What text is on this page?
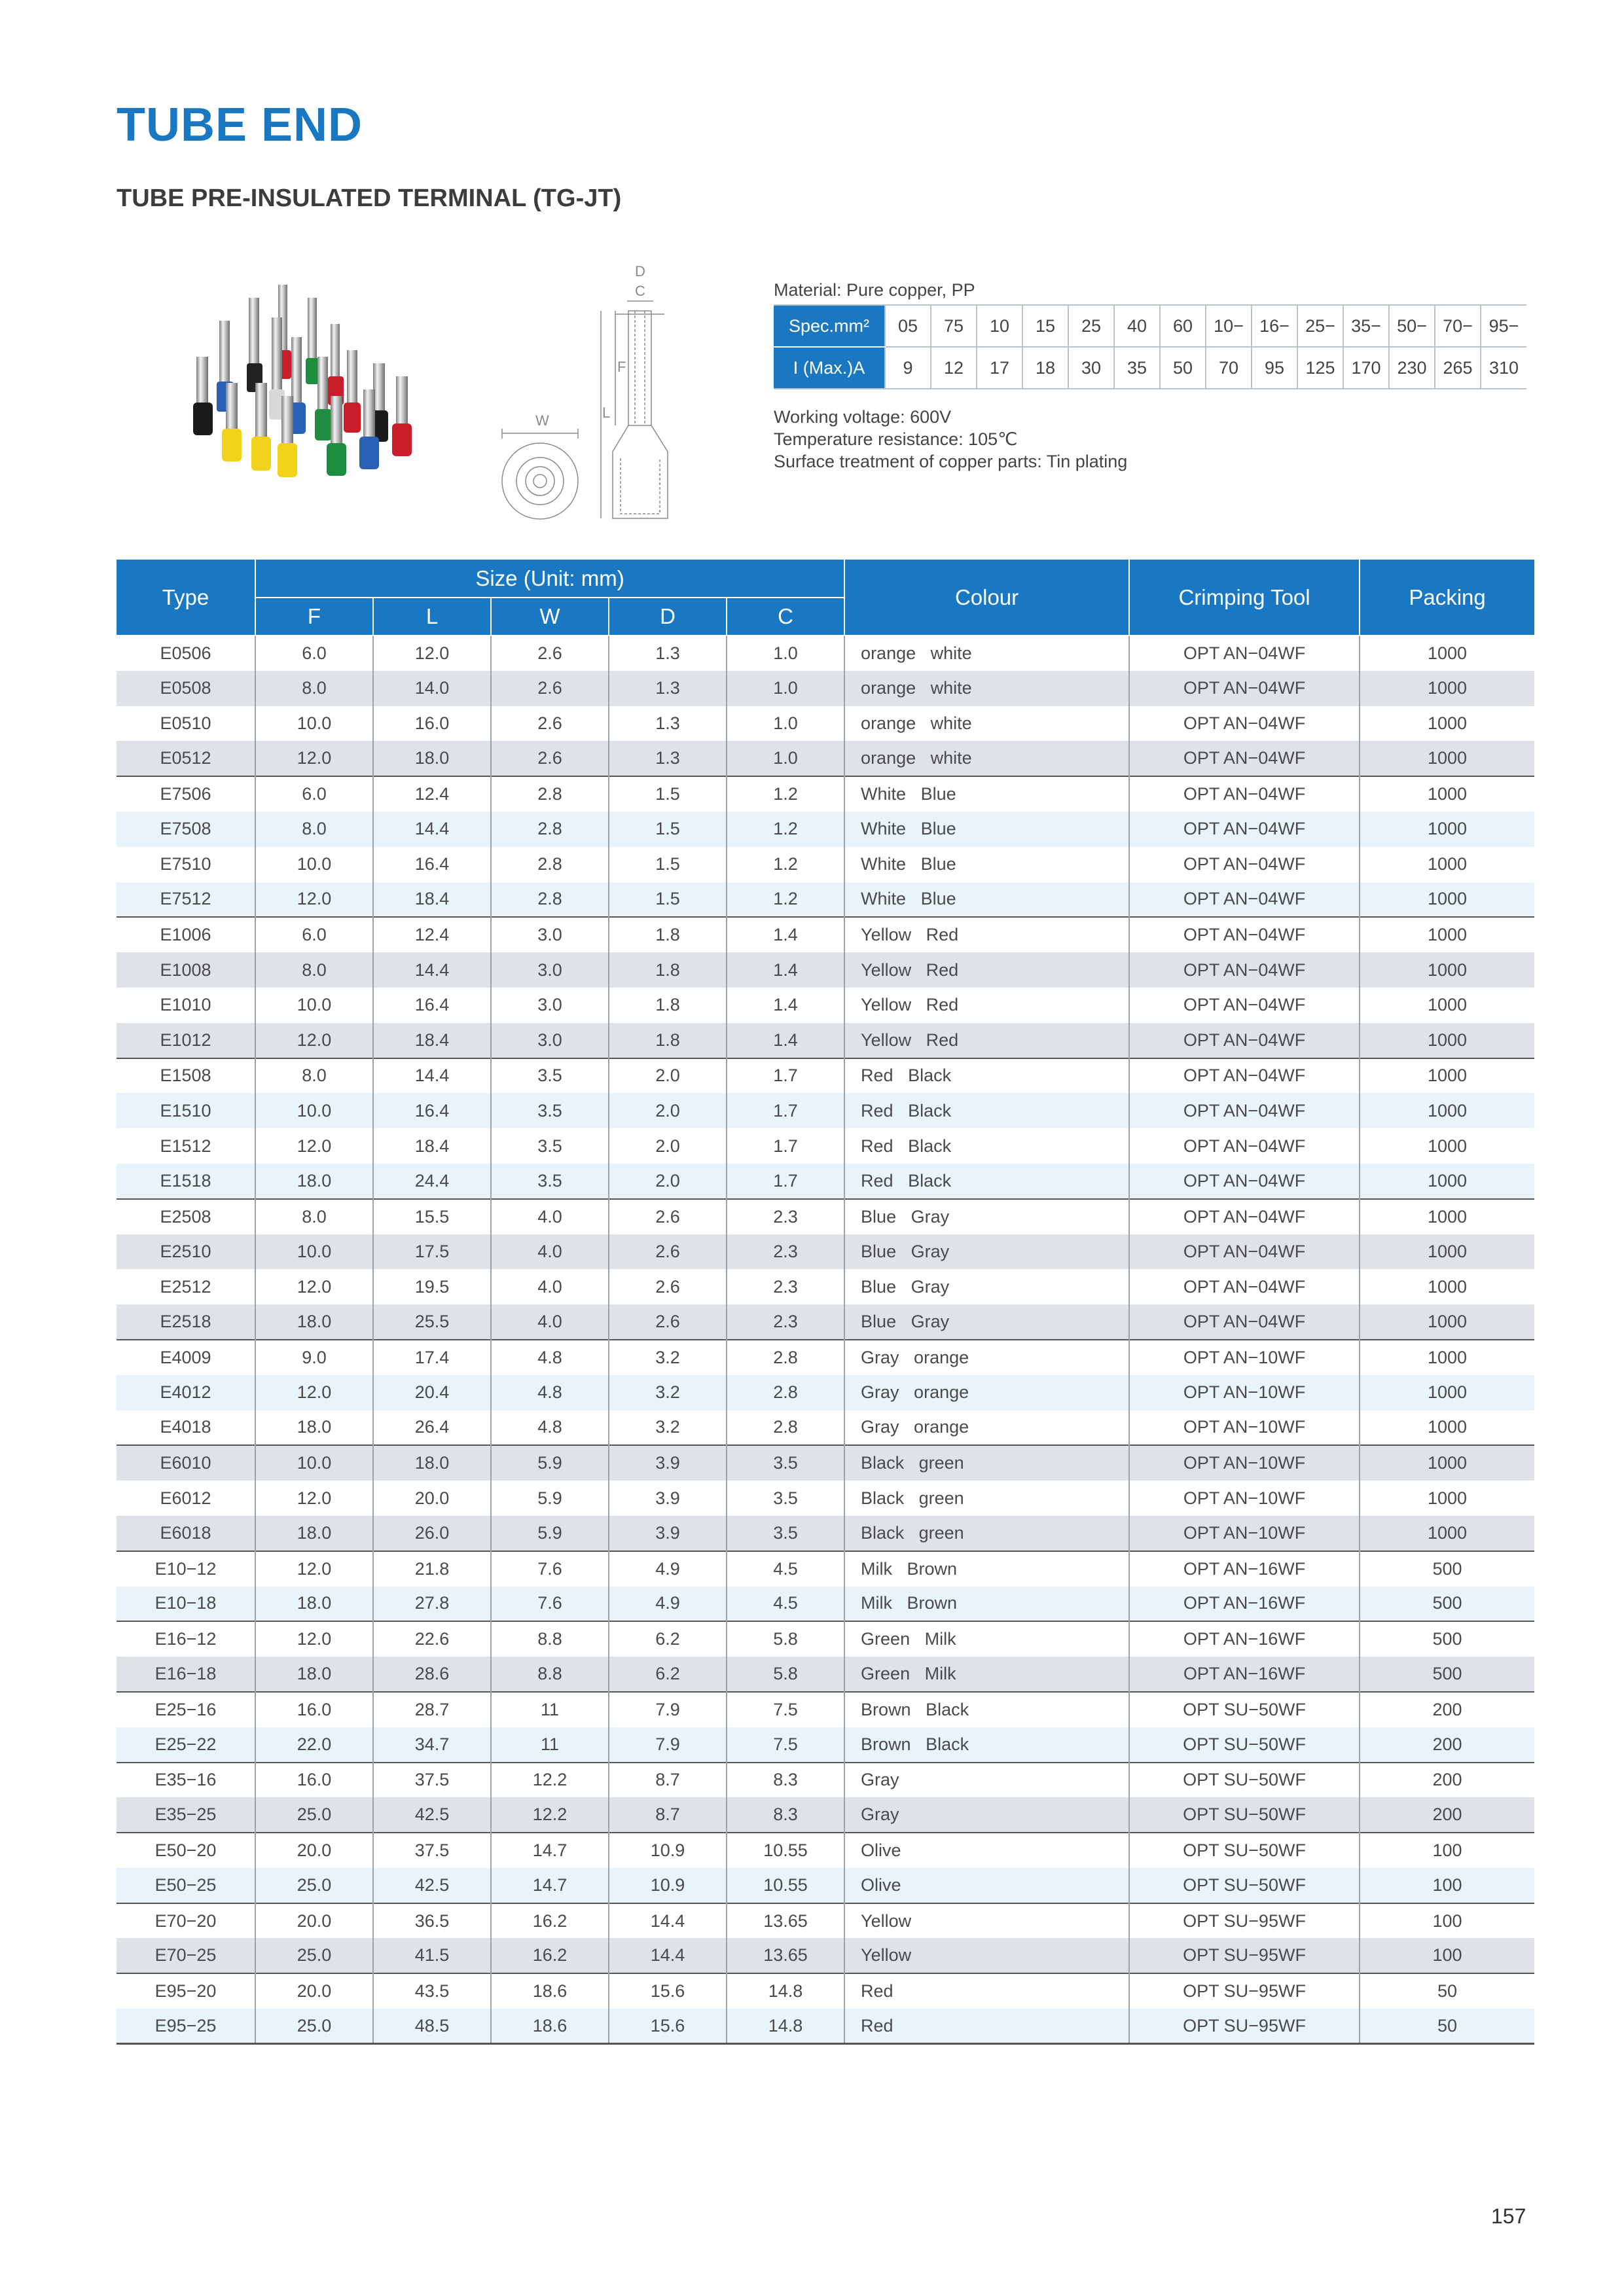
TUBE END
TUBE PRE-INSULATED TERMINAL (TG-JT)
D
C
F
L
W
Material: Pure copper, PP
Spec.mm²	05	75	10	15	25	40	60	10−	16−	25−	35−	50−	70−	95−
I (Max.)A	9	12	17	18	30	35	50	70	95	125	170	230	265	310
Working voltage: 600V
Temperature resistance: 105℃
Surface treatment of copper parts: Tin plating
Type	Size (Unit: mm)					Colour	Crimping Tool	Packing
	F	L	W	D	C			
E0506	6.0	12.0	2.6	1.3	1.0	orange   white	OPT AN−04WF	1000
E0508	8.0	14.0	2.6	1.3	1.0	orange   white	OPT AN−04WF	1000
E0510	10.0	16.0	2.6	1.3	1.0	orange   white	OPT AN−04WF	1000
E0512	12.0	18.0	2.6	1.3	1.0	orange   white	OPT AN−04WF	1000
E7506	6.0	12.4	2.8	1.5	1.2	White   Blue	OPT AN−04WF	1000
E7508	8.0	14.4	2.8	1.5	1.2	White   Blue	OPT AN−04WF	1000
E7510	10.0	16.4	2.8	1.5	1.2	White   Blue	OPT AN−04WF	1000
E7512	12.0	18.4	2.8	1.5	1.2	White   Blue	OPT AN−04WF	1000
E1006	6.0	12.4	3.0	1.8	1.4	Yellow   Red	OPT AN−04WF	1000
E1008	8.0	14.4	3.0	1.8	1.4	Yellow   Red	OPT AN−04WF	1000
E1010	10.0	16.4	3.0	1.8	1.4	Yellow   Red	OPT AN−04WF	1000
E1012	12.0	18.4	3.0	1.8	1.4	Yellow   Red	OPT AN−04WF	1000
E1508	8.0	14.4	3.5	2.0	1.7	Red   Black	OPT AN−04WF	1000
E1510	10.0	16.4	3.5	2.0	1.7	Red   Black	OPT AN−04WF	1000
E1512	12.0	18.4	3.5	2.0	1.7	Red   Black	OPT AN−04WF	1000
E1518	18.0	24.4	3.5	2.0	1.7	Red   Black	OPT AN−04WF	1000
E2508	8.0	15.5	4.0	2.6	2.3	Blue   Gray	OPT AN−04WF	1000
E2510	10.0	17.5	4.0	2.6	2.3	Blue   Gray	OPT AN−04WF	1000
E2512	12.0	19.5	4.0	2.6	2.3	Blue   Gray	OPT AN−04WF	1000
E2518	18.0	25.5	4.0	2.6	2.3	Blue   Gray	OPT AN−04WF	1000
E4009	9.0	17.4	4.8	3.2	2.8	Gray   orange	OPT AN−10WF	1000
E4012	12.0	20.4	4.8	3.2	2.8	Gray   orange	OPT AN−10WF	1000
E4018	18.0	26.4	4.8	3.2	2.8	Gray   orange	OPT AN−10WF	1000
E6010	10.0	18.0	5.9	3.9	3.5	Black   green	OPT AN−10WF	1000
E6012	12.0	20.0	5.9	3.9	3.5	Black   green	OPT AN−10WF	1000
E6018	18.0	26.0	5.9	3.9	3.5	Black   green	OPT AN−10WF	1000
E10−12	12.0	21.8	7.6	4.9	4.5	Milk   Brown	OPT AN−16WF	500
E10−18	18.0	27.8	7.6	4.9	4.5	Milk   Brown	OPT AN−16WF	500
E16−12	12.0	22.6	8.8	6.2	5.8	Green   Milk	OPT AN−16WF	500
E16−18	18.0	28.6	8.8	6.2	5.8	Green   Milk	OPT AN−16WF	500
E25−16	16.0	28.7	11	7.9	7.5	Brown   Black	OPT SU−50WF	200
E25−22	22.0	34.7	11	7.9	7.5	Brown   Black	OPT SU−50WF	200
E35−16	16.0	37.5	12.2	8.7	8.3	Gray	OPT SU−50WF	200
E35−25	25.0	42.5	12.2	8.7	8.3	Gray	OPT SU−50WF	200
E50−20	20.0	37.5	14.7	10.9	10.55	Olive	OPT SU−50WF	100
E50−25	25.0	42.5	14.7	10.9	10.55	Olive	OPT SU−50WF	100
E70−20	20.0	36.5	16.2	14.4	13.65	Yellow	OPT SU−95WF	100
E70−25	25.0	41.5	16.2	14.4	13.65	Yellow	OPT SU−95WF	100
E95−20	20.0	43.5	18.6	15.6	14.8	Red	OPT SU−95WF	50
E95−25	25.0	48.5	18.6	15.6	14.8	Red	OPT SU−95WF	50
157
